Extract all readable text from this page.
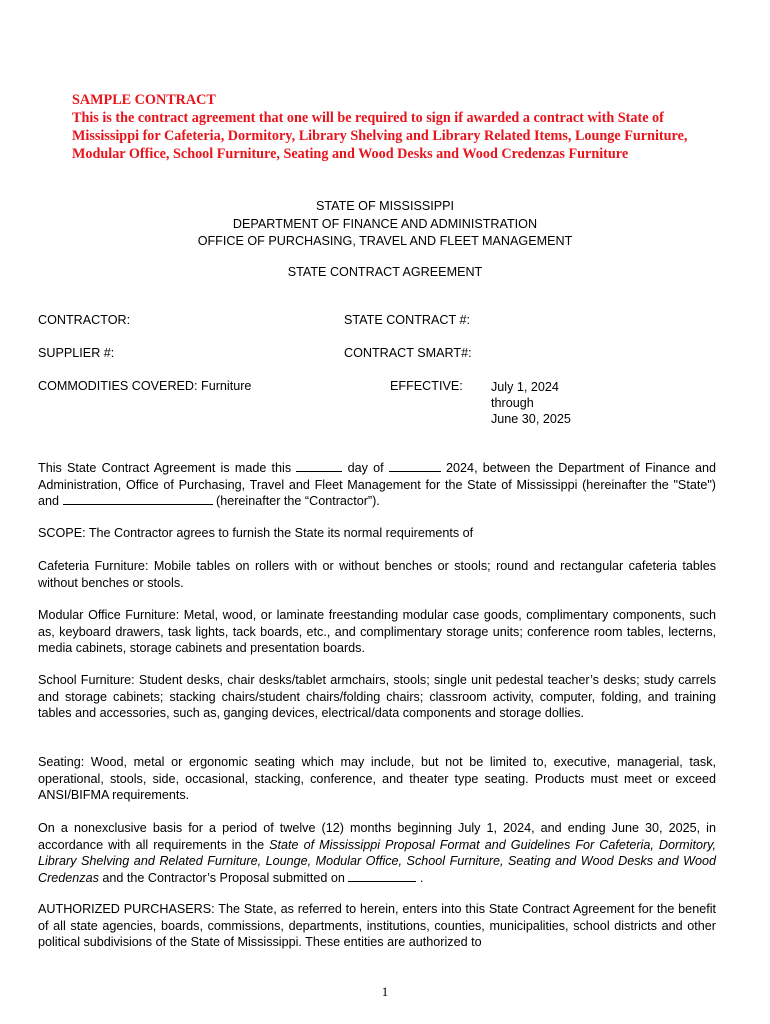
SAMPLE CONTRACT
This is the contract agreement that one will be required to sign if awarded a contract with State of Mississippi for Cafeteria, Dormitory, Library Shelving and Library Related Items, Lounge Furniture, Modular Office, School Furniture, Seating and Wood Desks and Wood Credenzas Furniture
STATE OF MISSISSIPPI
DEPARTMENT OF FINANCE AND ADMINISTRATION
OFFICE OF PURCHASING, TRAVEL AND FLEET MANAGEMENT
STATE CONTRACT AGREEMENT
CONTRACTOR:	STATE CONTRACT #:
SUPPLIER #:	CONTRACT SMART#:
COMMODITIES COVERED: Furniture	EFFECTIVE: July 1, 2024
through
June 30, 2025
This State Contract Agreement is made this	day of	2024, between the Department of Finance and Administration, Office of Purchasing, Travel and Fleet Management for the State of Mississippi (hereinafter the "State") and	(hereinafter the “Contractor”).
SCOPE: The Contractor agrees to furnish the State its normal requirements of
Cafeteria Furniture: Mobile tables on rollers with or without benches or stools; round and rectangular cafeteria tables without benches or stools.
Modular Office Furniture: Metal, wood, or laminate freestanding modular case goods, complimentary components, such as, keyboard drawers, task lights, tack boards, etc., and complimentary storage units; conference room tables, lecterns, media cabinets, storage cabinets and presentation boards.
School Furniture: Student desks, chair desks/tablet armchairs, stools; single unit pedestal teacher’s desks; study carrels and storage cabinets; stacking chairs/student chairs/folding chairs; classroom activity, computer, folding, and training tables and accessories, such as, ganging devices, electrical/data components and storage dollies.
Seating: Wood, metal or ergonomic seating which may include, but not be limited to, executive, managerial, task, operational, stools, side, occasional, stacking, conference, and theater type seating. Products must meet or exceed ANSI/BIFMA requirements.
On a nonexclusive basis for a period of twelve (12) months beginning July 1, 2024, and ending June 30, 2025, in accordance with all requirements in the State of Mississippi Proposal Format and Guidelines For Cafeteria, Dormitory, Library Shelving and Related Furniture, Lounge, Modular Office, School Furniture, Seating and Wood Desks and Wood Credenzas and the Contractor’s Proposal submitted on	.
AUTHORIZED PURCHASERS: The State, as referred to herein, enters into this State Contract Agreement for the benefit of all state agencies, boards, commissions, departments, institutions, counties, municipalities, school districts and other political subdivisions of the State of Mississippi. These entities are authorized to
1
